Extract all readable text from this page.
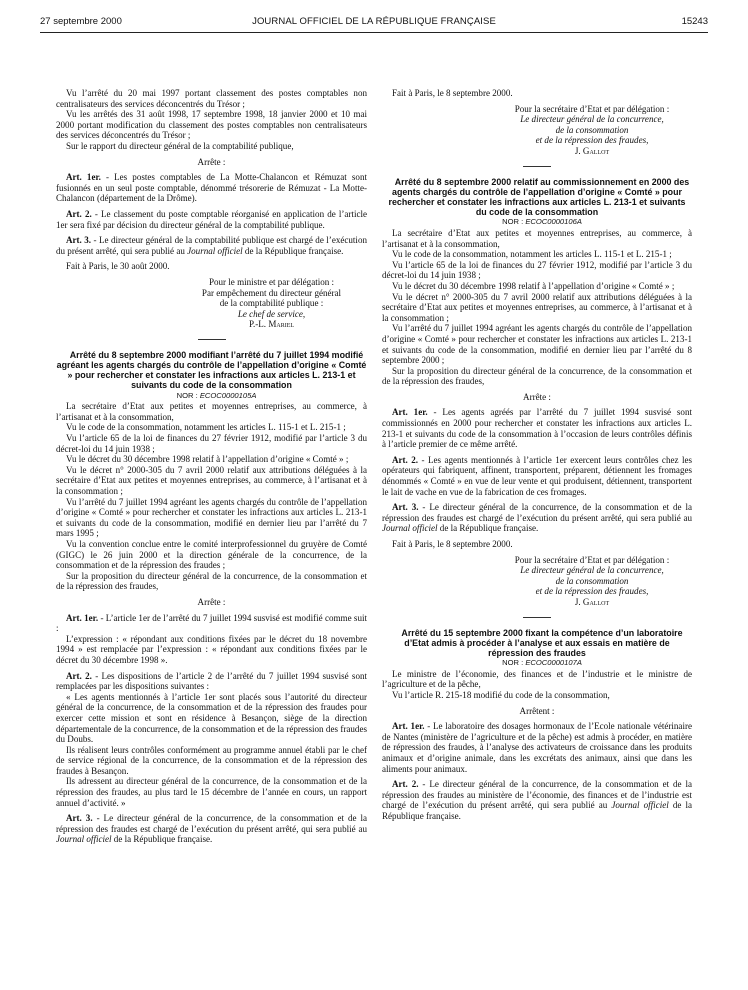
27 septembre 2000	JOURNAL OFFICIEL DE LA RÉPUBLIQUE FRANÇAISE	15243

Vu l’arrêté du 20 mai 1997 portant classement des postes comptables non centralisateurs des services déconcentrés du Trésor ;

Vu les arrêtés des 31 août 1998, 17 septembre 1998, 18 janvier 2000 et 10 mai 2000 portant modification du classement des postes comptables non centralisateurs des services déconcentrés du Trésor ;

Sur le rapport du directeur général de la comptabilité publique,

Arrête :

Art. 1er. - Les postes comptables de La Motte-Chalancon et Rémuzat sont fusionnés en un seul poste comptable, dénommé trésorerie de Rémuzat - La Motte-Chalancon (département de la Drôme).

Art. 2. - Le classement du poste comptable réorganisé en application de l’article 1er sera fixé par décision du directeur général de la comptabilité publique.

Art. 3. - Le directeur général de la comptabilité publique est chargé de l’exécution du présent arrêté, qui sera publié au Journal officiel de la République française.

Fait à Paris, le 30 août 2000.

Pour le ministre et par délégation :

Par empêchement du directeur général

de la comptabilité publique :

Le chef de service,

P.-L. Mariel

Arrêté du 8 septembre 2000 modifiant l’arrêté du 7 juillet 1994 modifié agréant les agents chargés du contrôle de l’appellation d’origine « Comté » pour rechercher et constater les infractions aux articles L. 213-1 et suivants du code de la consommation

NOR : ECOC0000105A

La secrétaire d’Etat aux petites et moyennes entreprises, au commerce, à l’artisanat et à la consommation,

Vu le code de la consommation, notamment les articles L. 115-1 et L. 215-1 ;

Vu l’article 65 de la loi de finances du 27 février 1912, modifié par l’article 3 du décret-loi du 14 juin 1938 ;

Vu le décret du 30 décembre 1998 relatif à l’appellation d’origine « Comté » ;

Vu le décret n° 2000-305 du 7 avril 2000 relatif aux attributions déléguées à la secrétaire d’Etat aux petites et moyennes entreprises, au commerce, à l’artisanat et à la consommation ;

Vu l’arrêté du 7 juillet 1994 agréant les agents chargés du contrôle de l’appellation d’origine « Comté » pour rechercher et constater les infractions aux articles L. 213-1 et suivants du code de la consommation, modifié en dernier lieu par l’arrêté du 7 mars 1995 ;

Vu la convention conclue entre le comité interprofessionnel du gruyère de Comté (GIGC) le 26 juin 2000 et la direction générale de la concurrence, de la consommation et de la répression des fraudes ;

Sur la proposition du directeur général de la concurrence, de la consommation et de la répression des fraudes,

Arrête :

Art. 1er. - L’article 1er de l’arrêté du 7 juillet 1994 susvisé est modifié comme suit :

L’expression : « répondant aux conditions fixées par le décret du 18 novembre 1994 » est remplacée par l’expression : « répondant aux conditions fixées par le décret du 30 décembre 1998 ».

Art. 2. - Les dispositions de l’article 2 de l’arrêté du 7 juillet 1994 susvisé sont remplacées par les dispositions suivantes :

« Les agents mentionnés à l’article 1er sont placés sous l’autorité du directeur général de la concurrence, de la consommation et de la répression des fraudes pour exercer cette mission et sont en résidence à Besançon, siège de la direction départementale de la concurrence, de la consommation et de la répression des fraudes du Doubs.

Ils réalisent leurs contrôles conformément au programme annuel établi par le chef de service régional de la concurrence, de la consommation et de la répression des fraudes à Besançon.

Ils adressent au directeur général de la concurrence, de la consommation et de la répression des fraudes, au plus tard le 15 décembre de l’année en cours, un rapport annuel d’activité. »

Art. 3. - Le directeur général de la concurrence, de la consommation et de la répression des fraudes est chargé de l’exécution du présent arrêté, qui sera publié au Journal officiel de la République française.

Fait à Paris, le 8 septembre 2000.

Pour la secrétaire d’Etat et par délégation :

Le directeur général de la concurrence,

de la consommation

et de la répression des fraudes,

J. Gallot

Arrêté du 8 septembre 2000 relatif au commissionnement en 2000 des agents chargés du contrôle de l’appellation d’origine « Comté » pour rechercher et constater les infractions aux articles L. 213-1 et suivants du code de la consommation

NOR : ECOC0000106A

La secrétaire d’Etat aux petites et moyennes entreprises, au commerce, à l’artisanat et à la consommation,

Vu le code de la consommation, notamment les articles L. 115-1 et L. 215-1 ;

Vu l’article 65 de la loi de finances du 27 février 1912, modifié par l’article 3 du décret-loi du 14 juin 1938 ;

Vu le décret du 30 décembre 1998 relatif à l’appellation d’origine « Comté » ;

Vu le décret n° 2000-305 du 7 avril 2000 relatif aux attributions déléguées à la secrétaire d’Etat aux petites et moyennes entreprises, au commerce, à l’artisanat et à la consommation ;

Vu l’arrêté du 7 juillet 1994 agréant les agents chargés du contrôle de l’appellation d’origine « Comté » pour rechercher et constater les infractions aux articles L. 213-1 et suivants du code de la consommation, modifié en dernier lieu par l’arrêté du 8 septembre 2000 ;

Sur la proposition du directeur général de la concurrence, de la consommation et de la répression des fraudes,

Arrête :

Art. 1er. - Les agents agréés par l’arrêté du 7 juillet 1994 susvisé sont commissionnés en 2000 pour rechercher et constater les infractions aux articles L. 213-1 et suivants du code de la consommation à l’occasion de leurs contrôles définis à l’article premier de ce même arrêté.

Art. 2. - Les agents mentionnés à l’article 1er exercent leurs contrôles chez les opérateurs qui fabriquent, affinent, transportent, préparent, détiennent les fromages dénommés « Comté » en vue de leur vente et qui produisent, détiennent, transportent le lait de vache en vue de la fabrication de ces fromages.

Art. 3. - Le directeur général de la concurrence, de la consommation et de la répression des fraudes est chargé de l’exécution du présent arrêté, qui sera publié au Journal officiel de la République française.

Fait à Paris, le 8 septembre 2000.

Pour la secrétaire d’Etat et par délégation :

Le directeur général de la concurrence,

de la consommation

et de la répression des fraudes,

J. Gallot

Arrêté du 15 septembre 2000 fixant la compétence d’un laboratoire d’Etat admis à procéder à l’analyse et aux essais en matière de répression des fraudes

NOR : ECOC0000107A

Le ministre de l’économie, des finances et de l’industrie et le ministre de l’agriculture et de la pêche,

Vu l’article R. 215-18 modifié du code de la consommation,

Arrêtent :

Art. 1er. - Le laboratoire des dosages hormonaux de l’Ecole nationale vétérinaire de Nantes (ministère de l’agriculture et de la pêche) est admis à procéder, en matière de répression des fraudes, à l’analyse des activateurs de croissance dans les produits animaux et d’origine animale, dans les excrétats des animaux, ainsi que dans les aliments pour animaux.

Art. 2. - Le directeur général de la concurrence, de la consommation et de la répression des fraudes au ministère de l’économie, des finances et de l’industrie est chargé de l’exécution du présent arrêté, qui sera publié au Journal officiel de la République française.
